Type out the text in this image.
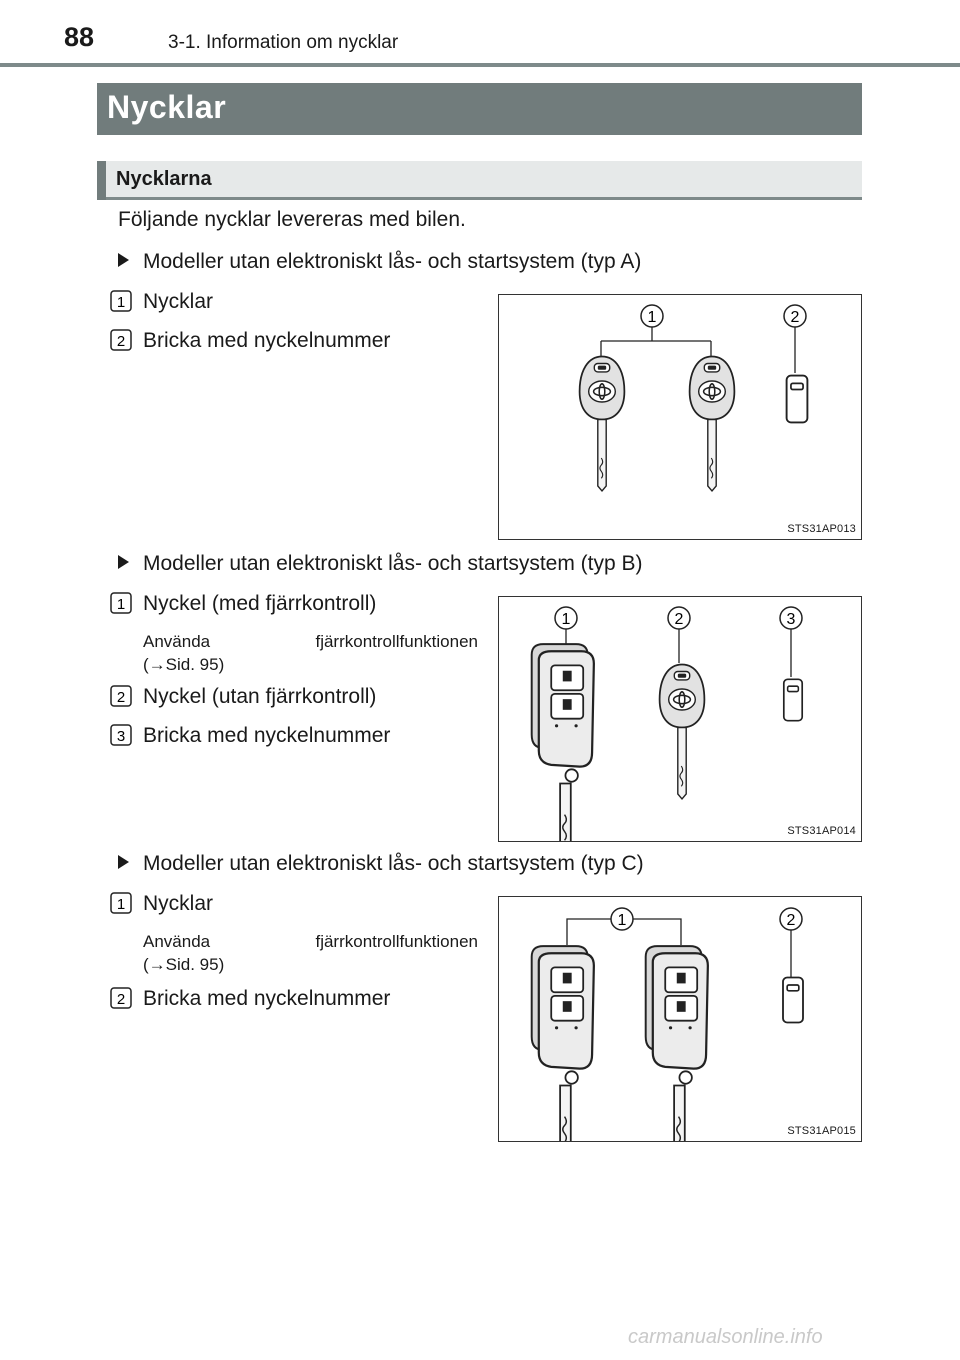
88	3-1. Information om nycklar
Nycklar
Nycklarna
Följande nycklar levereras med bilen.
Modeller utan elektroniskt lås- och startsystem (typ A)
1 Nycklar
2 Bricka med nyckelnummer
1	2
STS31AP013
Modeller utan elektroniskt lås- och startsystem (typ B)
1 Nyckel (med fjärrkontroll)
Använda	fjärrkontrollfunktionen
(→Sid. 95)
2 Nyckel (utan fjärrkontroll)
3 Bricka med nyckelnummer
1	2	3
STS31AP014
Modeller utan elektroniskt lås- och startsystem (typ C)
1 Nycklar
Använda	fjärrkontrollfunktionen
(→Sid. 95)
2 Bricka med nyckelnummer
1	2
STS31AP015
carmanualsonline.info
